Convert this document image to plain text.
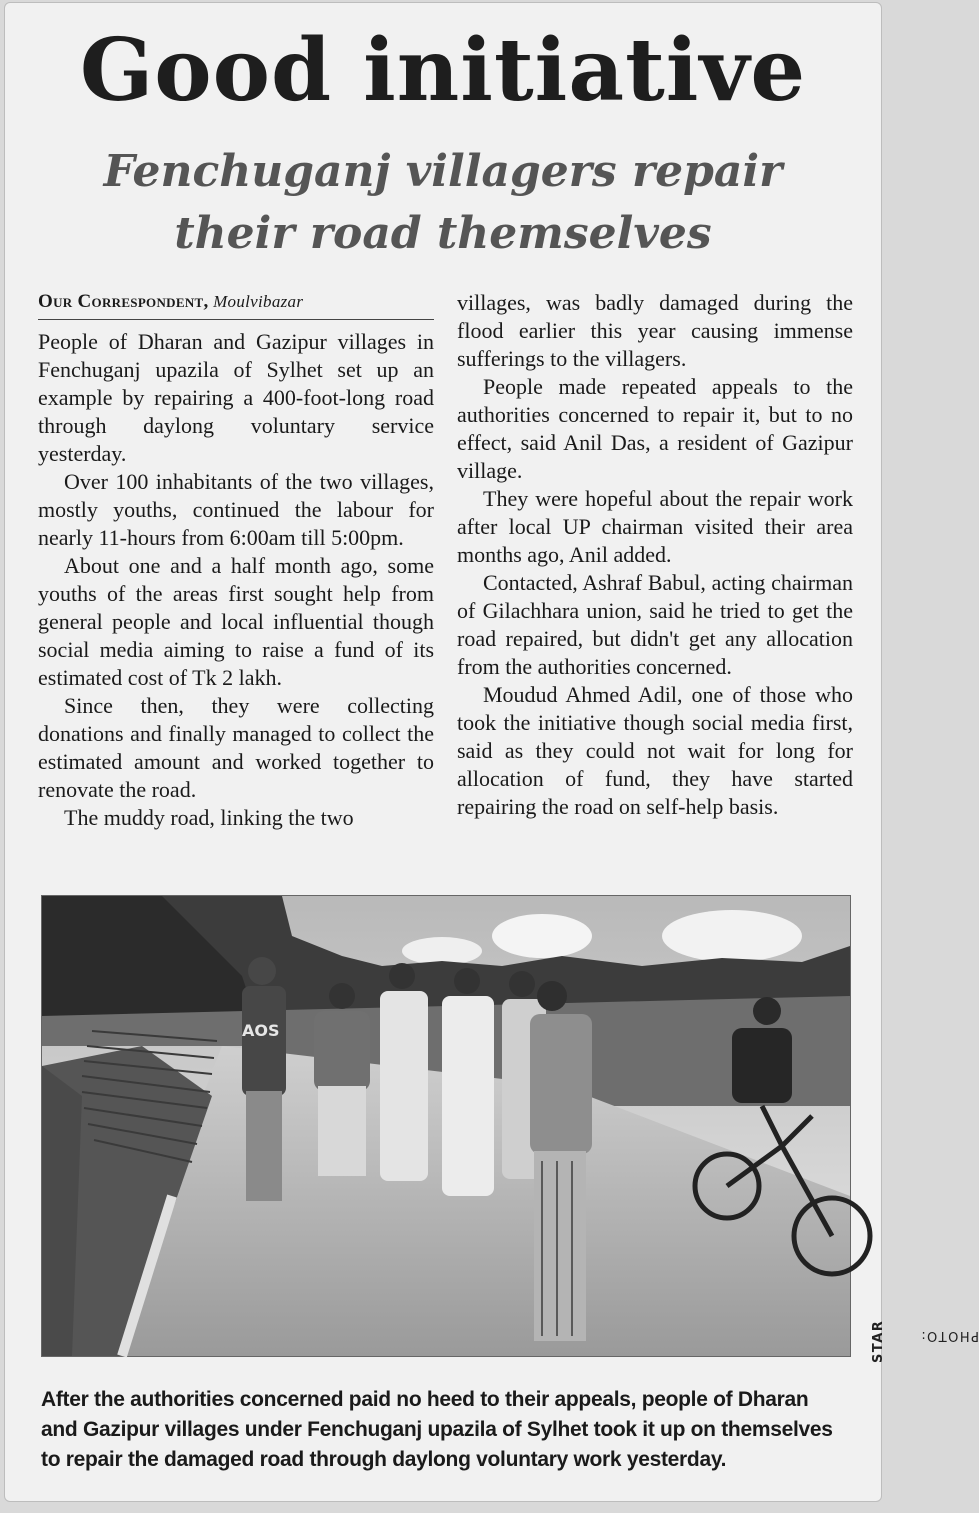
Good initiative
Fenchuganj villagers repair
their road themselves
Our Correspondent, Moulvibazar

People of Dharan and Gazipur villages in Fenchuganj upazila of Sylhet set up an example by repairing a 400-foot-long road through daylong voluntary service yesterday.

Over 100 inhabitants of the two villages, mostly youths, continued the labour for nearly 11-hours from 6:00am till 5:00pm.

About one and a half month ago, some youths of the areas first sought help from general people and local influential though social media aiming to raise a fund of its estimated cost of Tk 2 lakh.

Since then, they were collecting donations and finally managed to collect the estimated amount and worked together to renovate the road.

The muddy road, linking the two

villages, was badly damaged during the flood earlier this year causing immense sufferings to the villagers.

People made repeated appeals to the authorities concerned to repair it, but to no effect, said Anil Das, a resident of Gazipur village.

They were hopeful about the repair work after local UP chairman visited their area months ago, Anil added.

Contacted, Ashraf Babul, acting chairman of Gilachhara union, said he tried to get the road repaired, but didn't get any allocation from the authorities concerned.

Moudud Ahmed Adil, one of those who took the initiative though social media first, said as they could not wait for long for allocation of fund, they have started repairing the road on self-help basis.

AOS
PHOTO:
STAR
After the authorities concerned paid no heed to their appeals, people of Dharan
and Gazipur villages under Fenchuganj upazila of Sylhet took it up on themselves
to repair the damaged road through daylong voluntary work yesterday.
